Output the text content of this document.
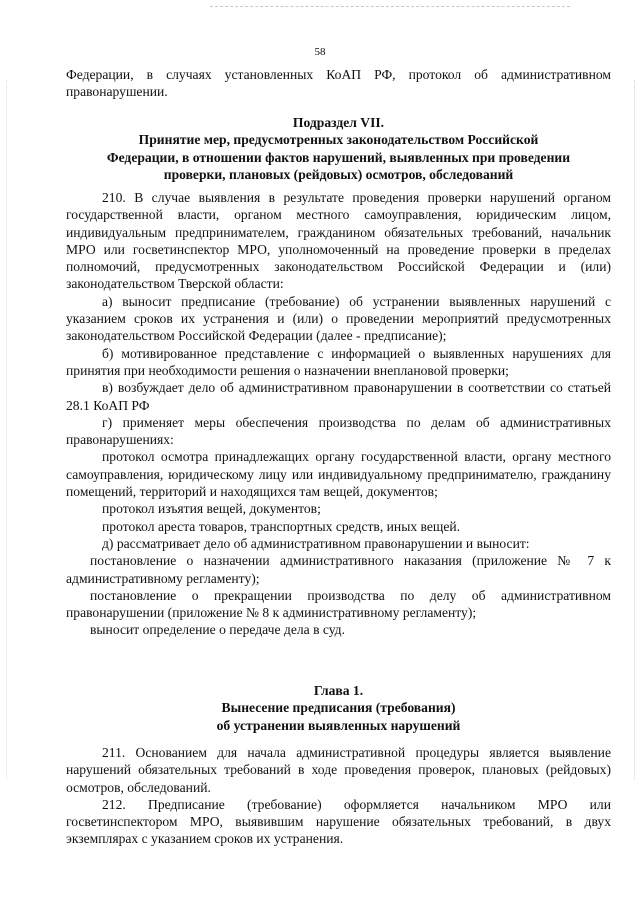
58
Федерации, в случаях установленных КоАП РФ, протокол об административном правонарушении.

Подраздел VII.

Принятие мер, предусмотренных законодательством Российской

Федерации, в отношении фактов нарушений, выявленных при проведении

проверки, плановых (рейдовых) осмотров, обследований

210. В случае выявления в результате проведения проверки нарушений органом государственной власти, органом местного самоуправления, юридическим лицом, индивидуальным предпринимателем, гражданином обязательных требований, начальник МРО или госветинспектор МРО, уполномоченный на проведение проверки в пределах полномочий, предусмотренных законодательством Российской Федерации и (или) законодательством Тверской области:

а) выносит предписание (требование) об устранении выявленных нарушений с указанием сроков их устранения и (или) о проведении мероприятий предусмотренных законодательством Российской Федерации (далее - предписание);

б) мотивированное представление с информацией о выявленных нарушениях для принятия при необходимости решения о назначении внеплановой проверки;

в) возбуждает дело об административном правонарушении в соответствии со статьей 28.1 КоАП РФ

г) применяет меры обеспечения производства по делам об административных правонарушениях:

протокол осмотра принадлежащих органу государственной власти, органу местного самоуправления, юридическому лицу или индивидуальному предпринимателю, гражданину помещений, территорий и находящихся там вещей, документов;

протокол изъятия вещей, документов;

протокол ареста товаров, транспортных средств, иных вещей.

д) рассматривает дело об административном правонарушении и выносит:

постановление о назначении административного наказания (приложение № 7 к административному регламенту);

постановление о прекращении производства по делу об административном правонарушении (приложение № 8 к административному регламенту);

выносит определение о передаче дела в суд.

Глава 1.

Вынесение предписания (требования)

об устранении выявленных нарушений

211. Основанием для начала административной процедуры является выявление нарушений обязательных требований в ходе проведения проверок, плановых (рейдовых) осмотров, обследований.

212. Предписание (требование) оформляется начальником МРО или госветинспектором МРО, выявившим нарушение обязательных требований, в двух экземплярах с указанием сроков их устранения.
